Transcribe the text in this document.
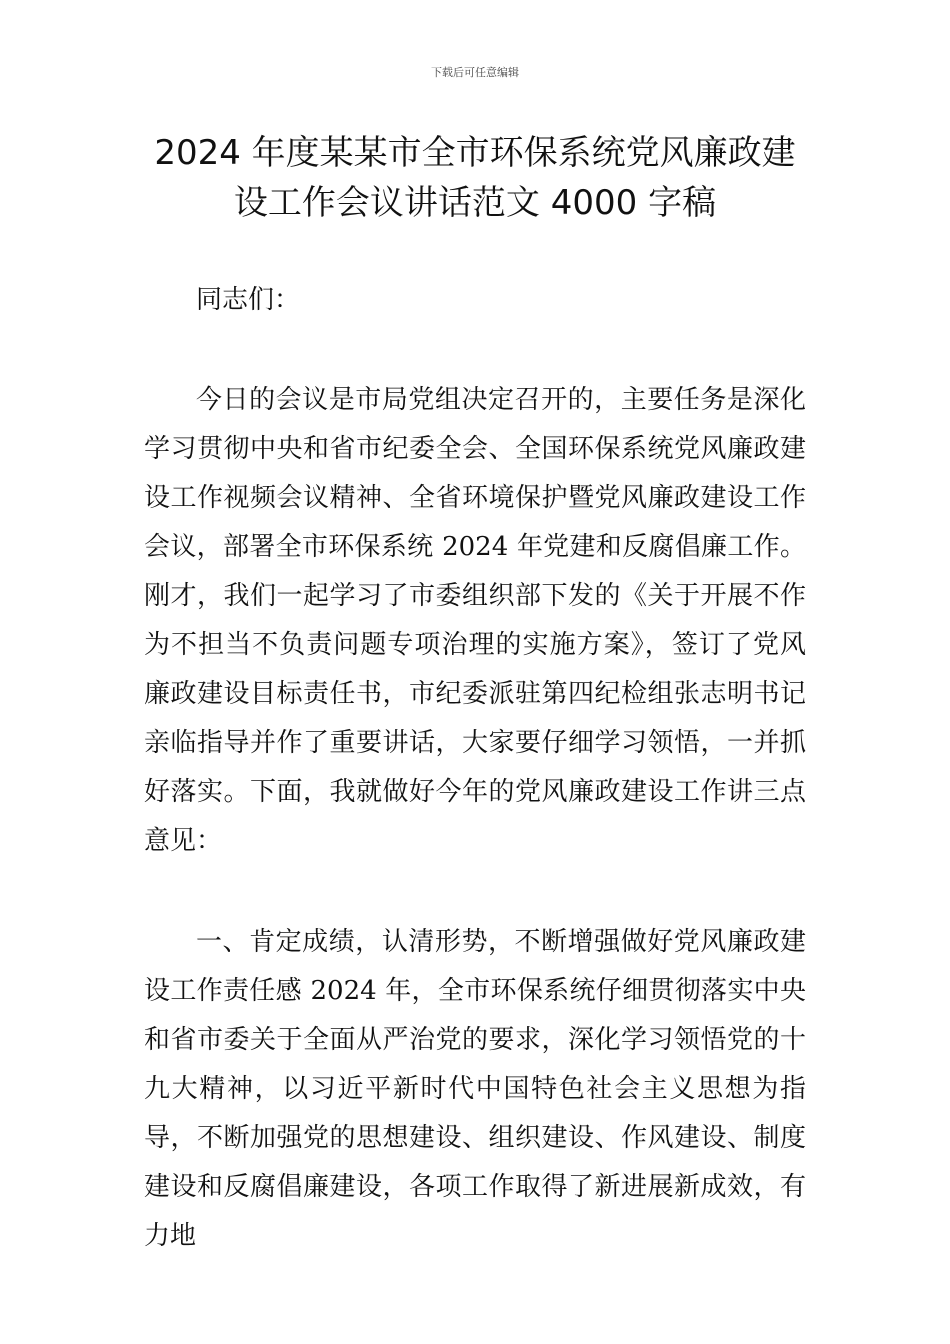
下载后可任意编辑
2024 年度某某市全市环保系统党风廉政建设工作会议讲话范文 4000 字稿

同志们：

今日的会议是市局党组决定召开的，主要任务是深化学习贯彻中央和省市纪委全会、全国环保系统党风廉政建设工作视频会议精神、全省环境保护暨党风廉政建设工作会议，部署全市环保系统 2024 年党建和反腐倡廉工作。刚才，我们一起学习了市委组织部下发的《关于开展不作为不担当不负责问题专项治理的实施方案》，签订了党风廉政建设目标责任书，市纪委派驻第四纪检组张志明书记亲临指导并作了重要讲话，大家要仔细学习领悟，一并抓好落实。下面，我就做好今年的党风廉政建设工作讲三点意见：

一、肯定成绩，认清形势，不断增强做好党风廉政建设工作责任感 2024 年，全市环保系统仔细贯彻落实中央和省市委关于全面从严治党的要求，深化学习领悟党的十九大精神，以习近平新时代中国特色社会主义思想为指导，不断加强党的思想建设、组织建设、作风建设、制度建设和反腐倡廉建设，各项工作取得了新进展新成效，有力地
